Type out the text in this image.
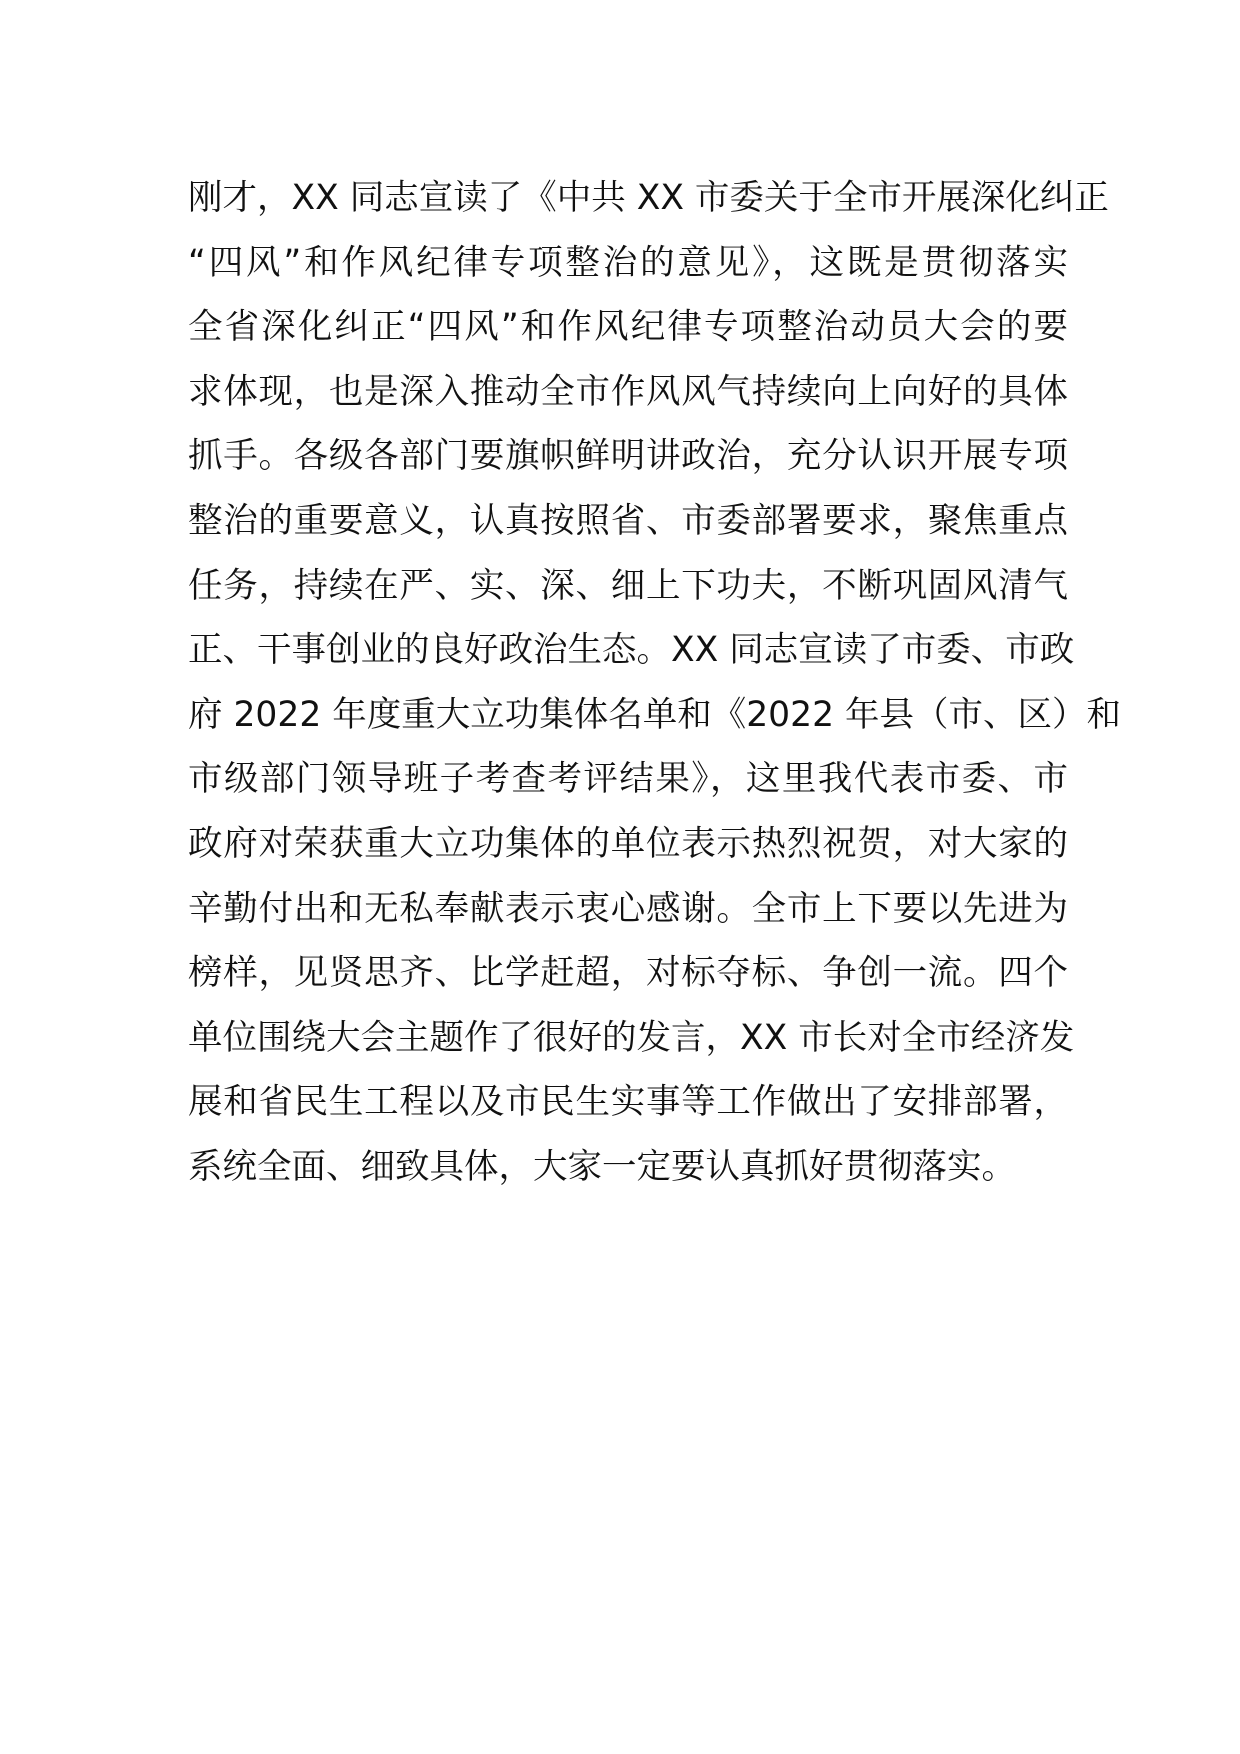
刚才，XX 同志宣读了《中共 XX 市委关于全市开展深化纠正
“四风”和作风纪律专项整治的意见》，这既是贯彻落实
全省深化纠正“四风”和作风纪律专项整治动员大会的要
求体现，也是深入推动全市作风风气持续向上向好的具体
抓手。各级各部门要旗帜鲜明讲政治，充分认识开展专项
整治的重要意义，认真按照省、市委部署要求，聚焦重点
任务，持续在严、实、深、细上下功夫，不断巩固风清气
正、干事创业的良好政治生态。XX 同志宣读了市委、市政
府 2022 年度重大立功集体名单和《2022 年县（市、区）和
市级部门领导班子考查考评结果》，这里我代表市委、市
政府对荣获重大立功集体的单位表示热烈祝贺，对大家的
辛勤付出和无私奉献表示衷心感谢。全市上下要以先进为
榜样，见贤思齐、比学赶超，对标夺标、争创一流。四个
单位围绕大会主题作了很好的发言，XX 市长对全市经济发
展和省民生工程以及市民生实事等工作做出了安排部署，
系统全面、细致具体，大家一定要认真抓好贯彻落实。
